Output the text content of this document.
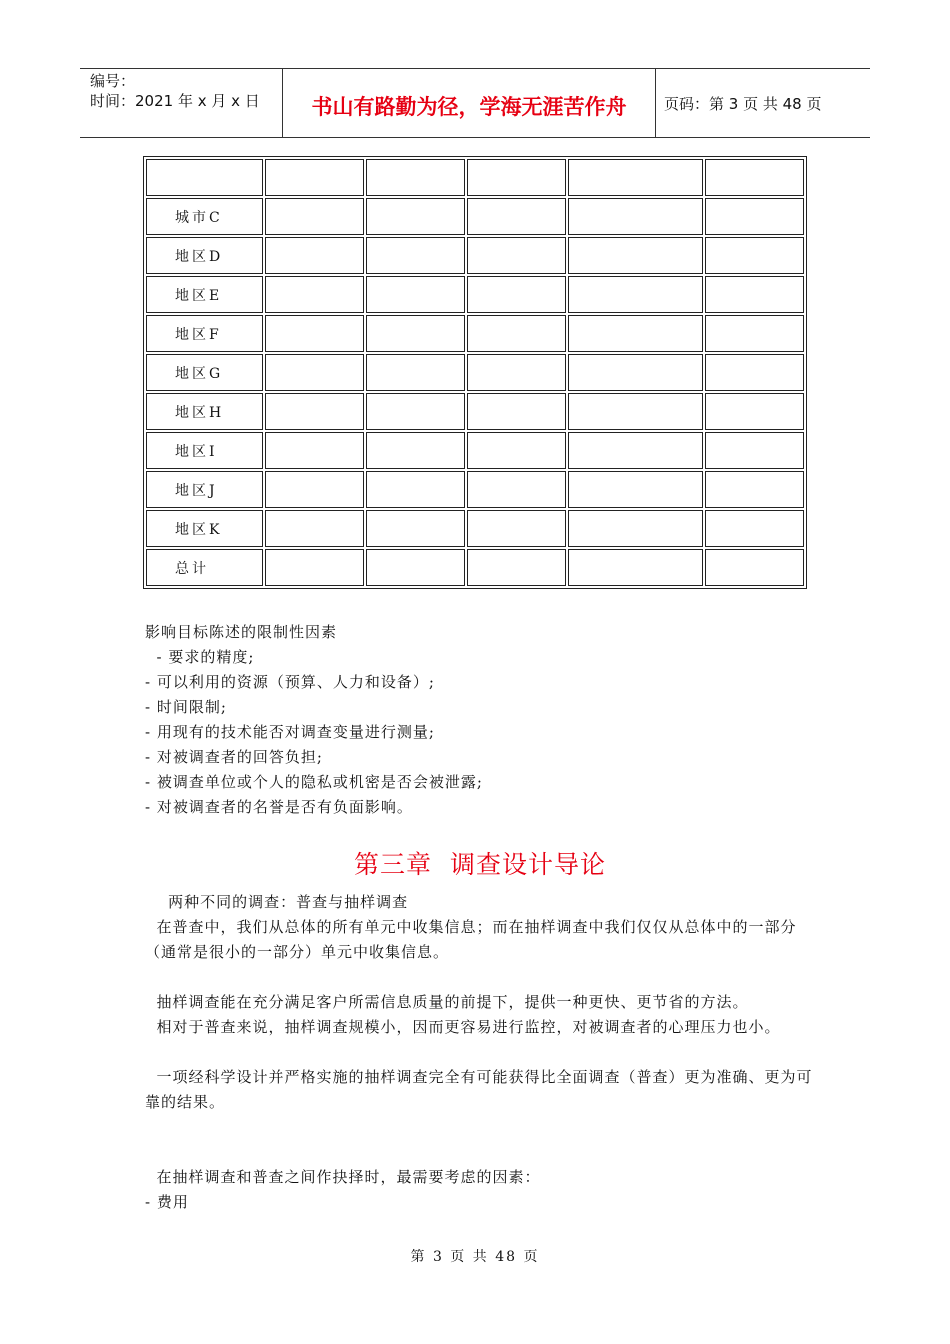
编号：
时间：2021 年 x 月 x 日	书山有路勤为径，学海无涯苦作舟	页码：第 3 页 共 48 页

城市C					
地区D					
地区E					
地区F					
地区G					
地区H					
地区I					
地区J					
地区K					
总计					

影响目标陈述的限制性因素

- 要求的精度;

- 可以利用的资源（预算、人力和设备）;

- 时间限制;

- 用现有的技术能否对调查变量进行测量;

- 对被调查者的回答负担;

- 被调查单位或个人的隐私或机密是否会被泄露;

- 对被调查者的名誉是否有负面影响。

第三章  调查设计导论

两种不同的调查：普查与抽样调查

在普查中，我们从总体的所有单元中收集信息；而在抽样调查中我们仅仅从总体中的一部分（通常是很小的一部分）单元中收集信息。

抽样调查能在充分满足客户所需信息质量的前提下，提供一种更快、更节省的方法。

相对于普查来说，抽样调查规模小，因而更容易进行监控，对被调查者的心理压力也小。

一项经科学设计并严格实施的抽样调查完全有可能获得比全面调查（普查）更为准确、更为可靠的结果。

在抽样调查和普查之间作抉择时，最需要考虑的因素：

- 费用

第 3 页 共 48 页
